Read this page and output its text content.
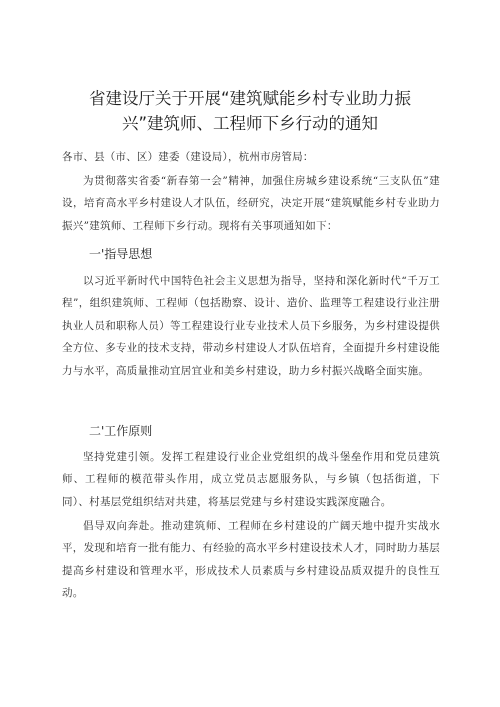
省建设厅关于开展“建筑赋能乡村专业助力振
兴”建筑师、工程师下乡行动的通知
各市、县（市、区）建委（建设局），杭州市房管局：

为贯彻落实省委“新春第一会”精神，加强住房城乡建设系统“三支队伍”建设，培育高水平乡村建设人才队伍，经研究，决定开展“建筑赋能乡村专业助力振兴”建筑师、工程师下乡行动。现将有关事项通知如下：

一'指导思想

以习近平新时代中国特色社会主义思想为指导，坚持和深化新时代“千万工程”，组织建筑师、工程师（包括勘察、设计、造价、监理等工程建设行业注册执业人员和职称人员）等工程建设行业专业技术人员下乡服务，为乡村建设提供全方位、多专业的技术支持，带动乡村建设人才队伍培育，全面提升乡村建设能力与水平，高质量推动宜居宜业和美乡村建设，助力乡村振兴战略全面实施。

二'工作原则

坚持党建引领。发挥工程建设行业企业党组织的战斗堡垒作用和党员建筑师、工程师的模范带头作用，成立党员志愿服务队，与乡镇（包括街道，下同）、村基层党组织结对共建，将基层党建与乡村建设实践深度融合。

倡导双向奔赴。推动建筑师、工程师在乡村建设的广阔天地中提升实战水平，发现和培育一批有能力、有经验的高水平乡村建设技术人才，同时助力基层提高乡村建设和管理水平，形成技术人员素质与乡村建设品质双提升的良性互动。
